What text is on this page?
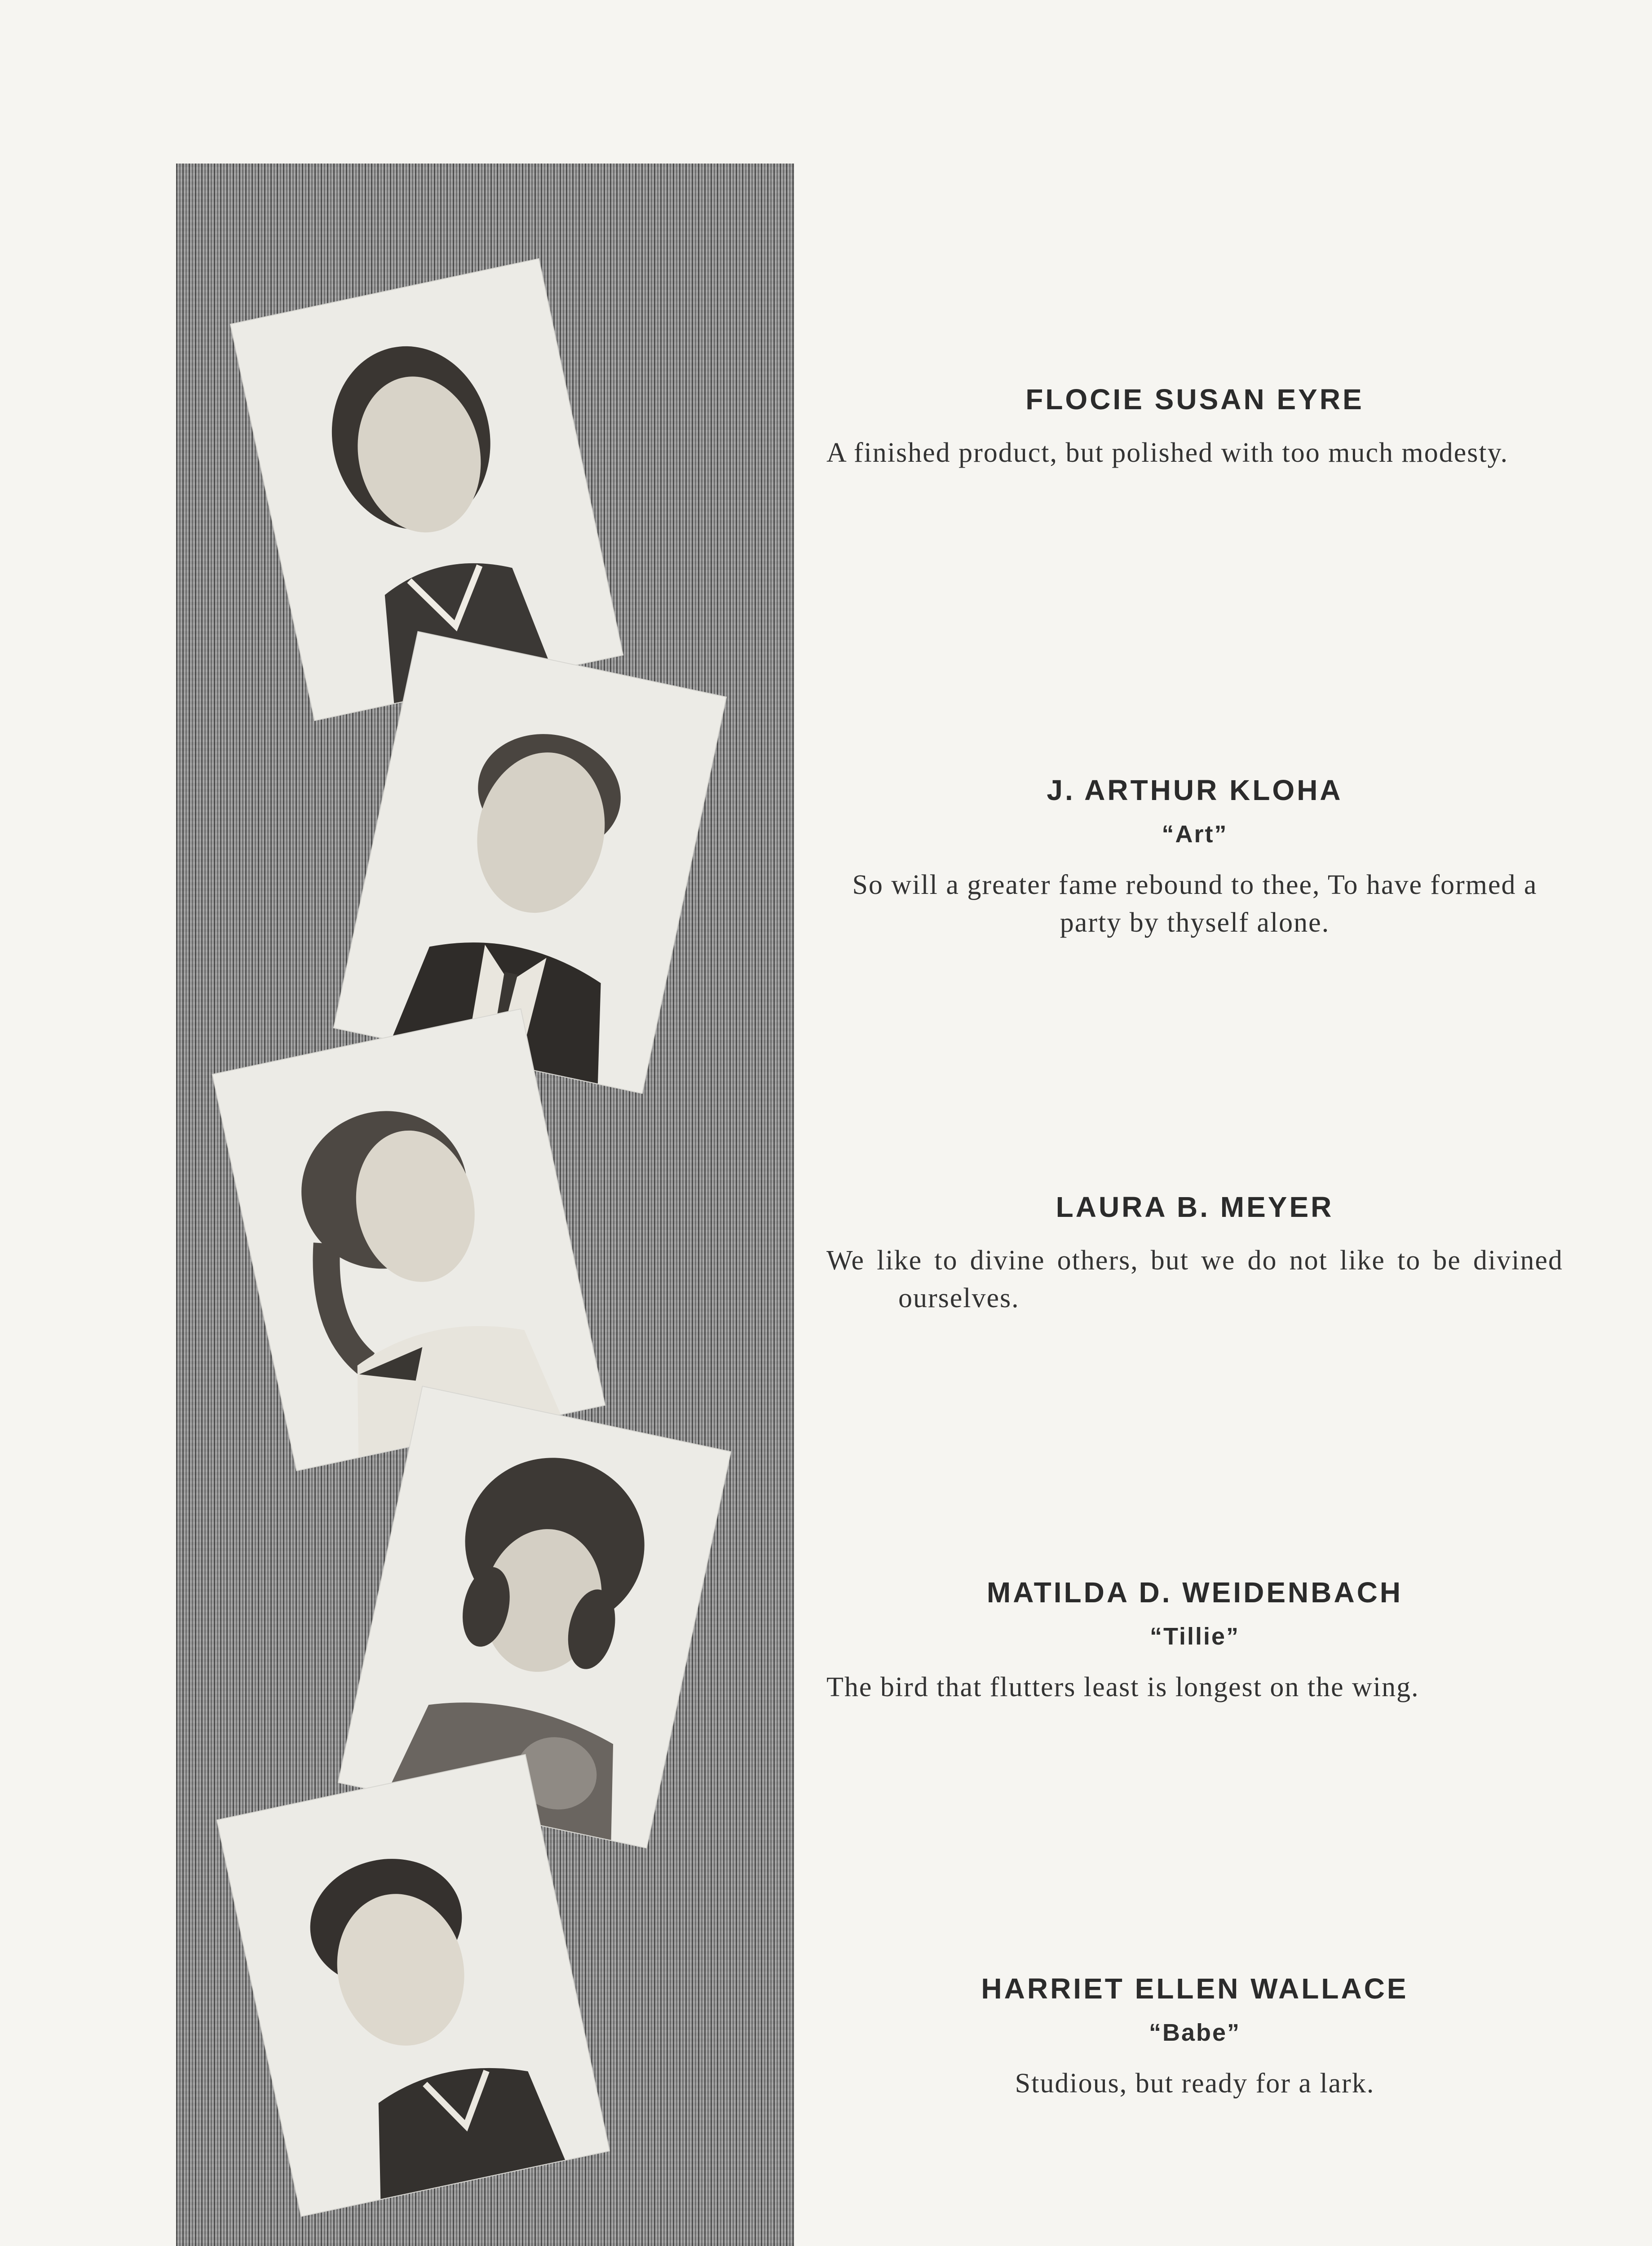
FLOCIE SUSAN EYRE
A finished product, but polished with too much modesty.
J. ARTHUR KLOHA
“Art”
So will a greater fame rebound to thee, To have formed a party by thyself alone.
LAURA B. MEYER
We like to divine others, but we do not like to be divined ourselves.
MATILDA D. WEIDENBACH
“Tillie”
The bird that flutters least is longest on the wing.
HARRIET ELLEN WALLACE
“Babe”
Studious, but ready for a lark.
